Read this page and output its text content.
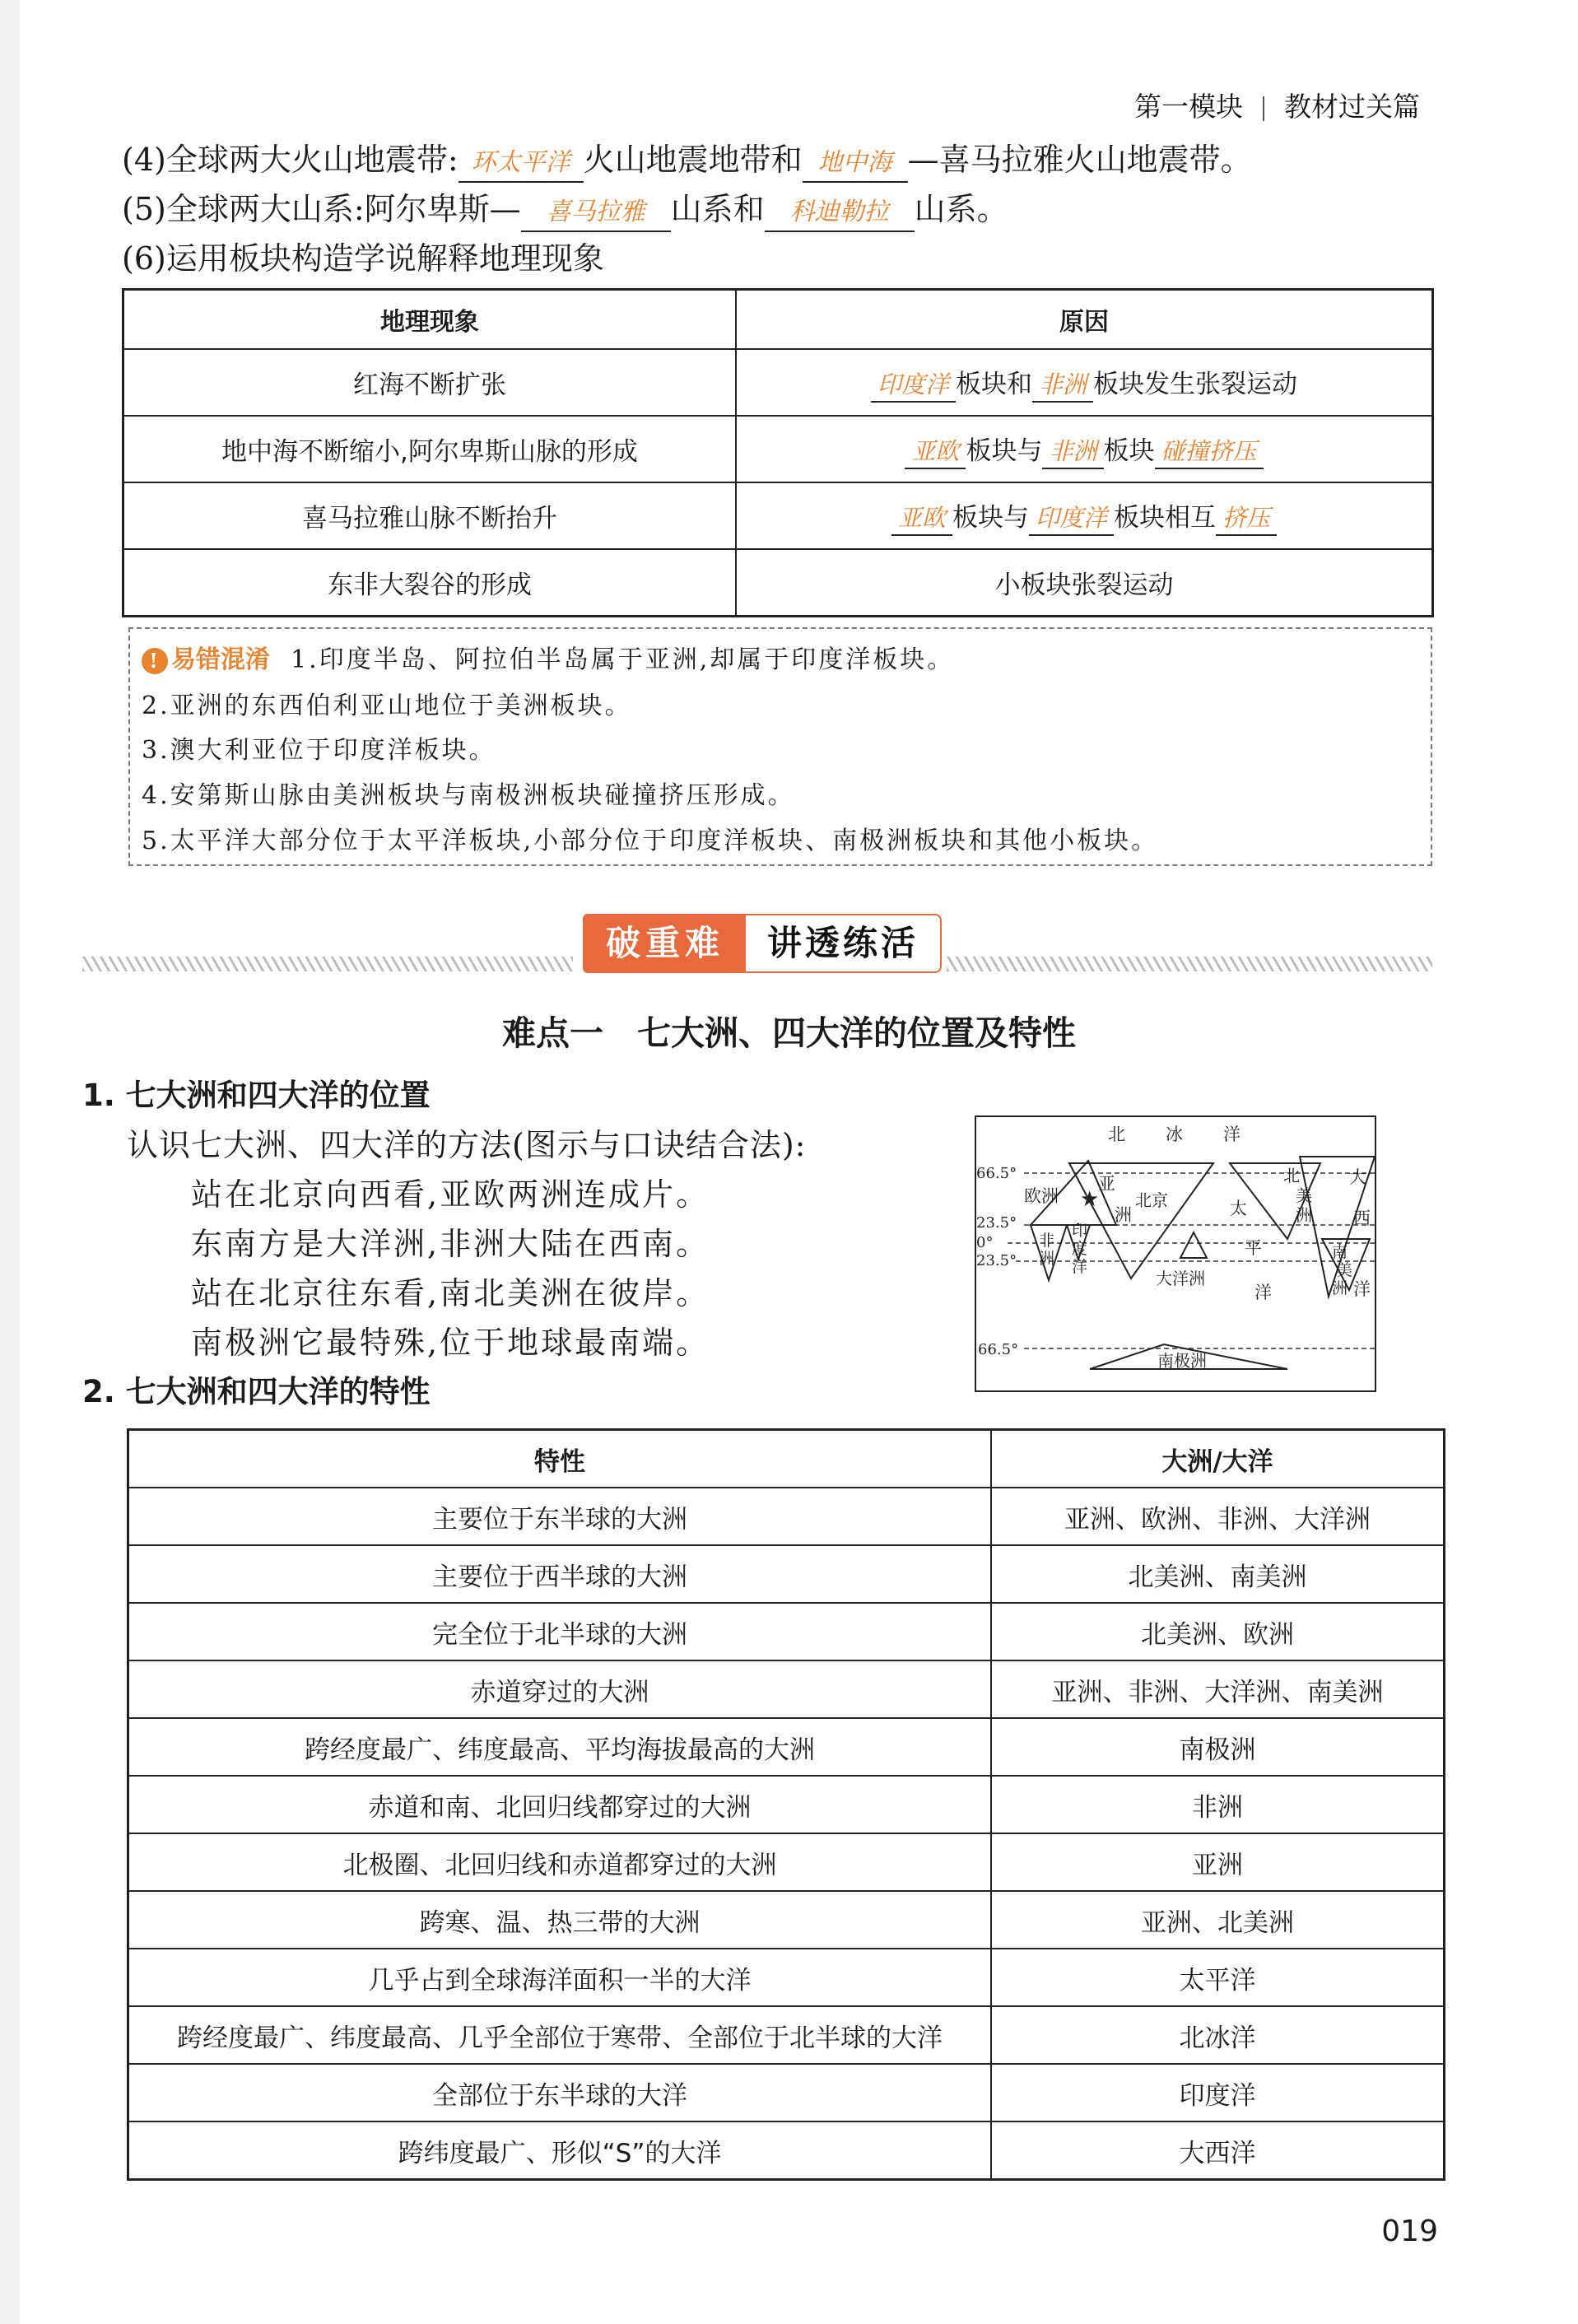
第一模块 教材过关篇
(4)全球两大火山地震带: 环太平洋 火山地震地带和 地中海 —喜马拉雅火山地震带。
(5)全球两大山系:阿尔卑斯— 喜马拉雅 山系和 科迪勒拉 山系。
(6)运用板块构造学说解释地理现象
地理现象	原因
红海不断扩张	印度洋 板块和 非洲 板块发生张裂运动
地中海不断缩小,阿尔卑斯山脉的形成	亚欧 板块与 非洲 板块 碰撞挤压
喜马拉雅山脉不断抬升	亚欧 板块与 印度洋 板块相互 挤压
东非大裂谷的形成	小板块张裂运动
! 易错混淆 1.印度半岛、阿拉伯半岛属于亚洲,却属于印度洋板块。
2.亚洲的东西伯利亚山地位于美洲板块。
3.澳大利亚位于印度洋板块。
4.安第斯山脉由美洲板块与南极洲板块碰撞挤压形成。
5.太平洋大部分位于太平洋板块,小部分位于印度洋板块、南极洲板块和其他小板块。
破重难	讲透练活
难点一　七大洲、四大洋的位置及特性
1. 七大洲和四大洋的位置
认识七大洲、四大洋的方法(图示与口诀结合法):
站在北京向西看,亚欧两洲连成片。
东南方是大洋洲,非洲大陆在西南。
站在北京往东看,南北美洲在彼岸。
南极洲它最特殊,位于地球最南端。
★
北 冰 洋
66.5°
23.5°
0°
23.5°
66.5°
欧洲
亚
洲
北京
非
洲
印
度
洋
大洋洲
太
平
洋
北
美
洲
南
美
洲
大
西
洋
南极洲
2. 七大洲和四大洋的特性
特性	大洲/大洋
主要位于东半球的大洲	亚洲、欧洲、非洲、大洋洲
主要位于西半球的大洲	北美洲、南美洲
完全位于北半球的大洲	北美洲、欧洲
赤道穿过的大洲	亚洲、非洲、大洋洲、南美洲
跨经度最广、纬度最高、平均海拔最高的大洲	南极洲
赤道和南、北回归线都穿过的大洲	非洲
北极圈、北回归线和赤道都穿过的大洲	亚洲
跨寒、温、热三带的大洲	亚洲、北美洲
几乎占到全球海洋面积一半的大洋	太平洋
跨经度最广、纬度最高、几乎全部位于寒带、全部位于北半球的大洋	北冰洋
全部位于东半球的大洋	印度洋
跨纬度最广、形似“S”的大洋	大西洋
019
